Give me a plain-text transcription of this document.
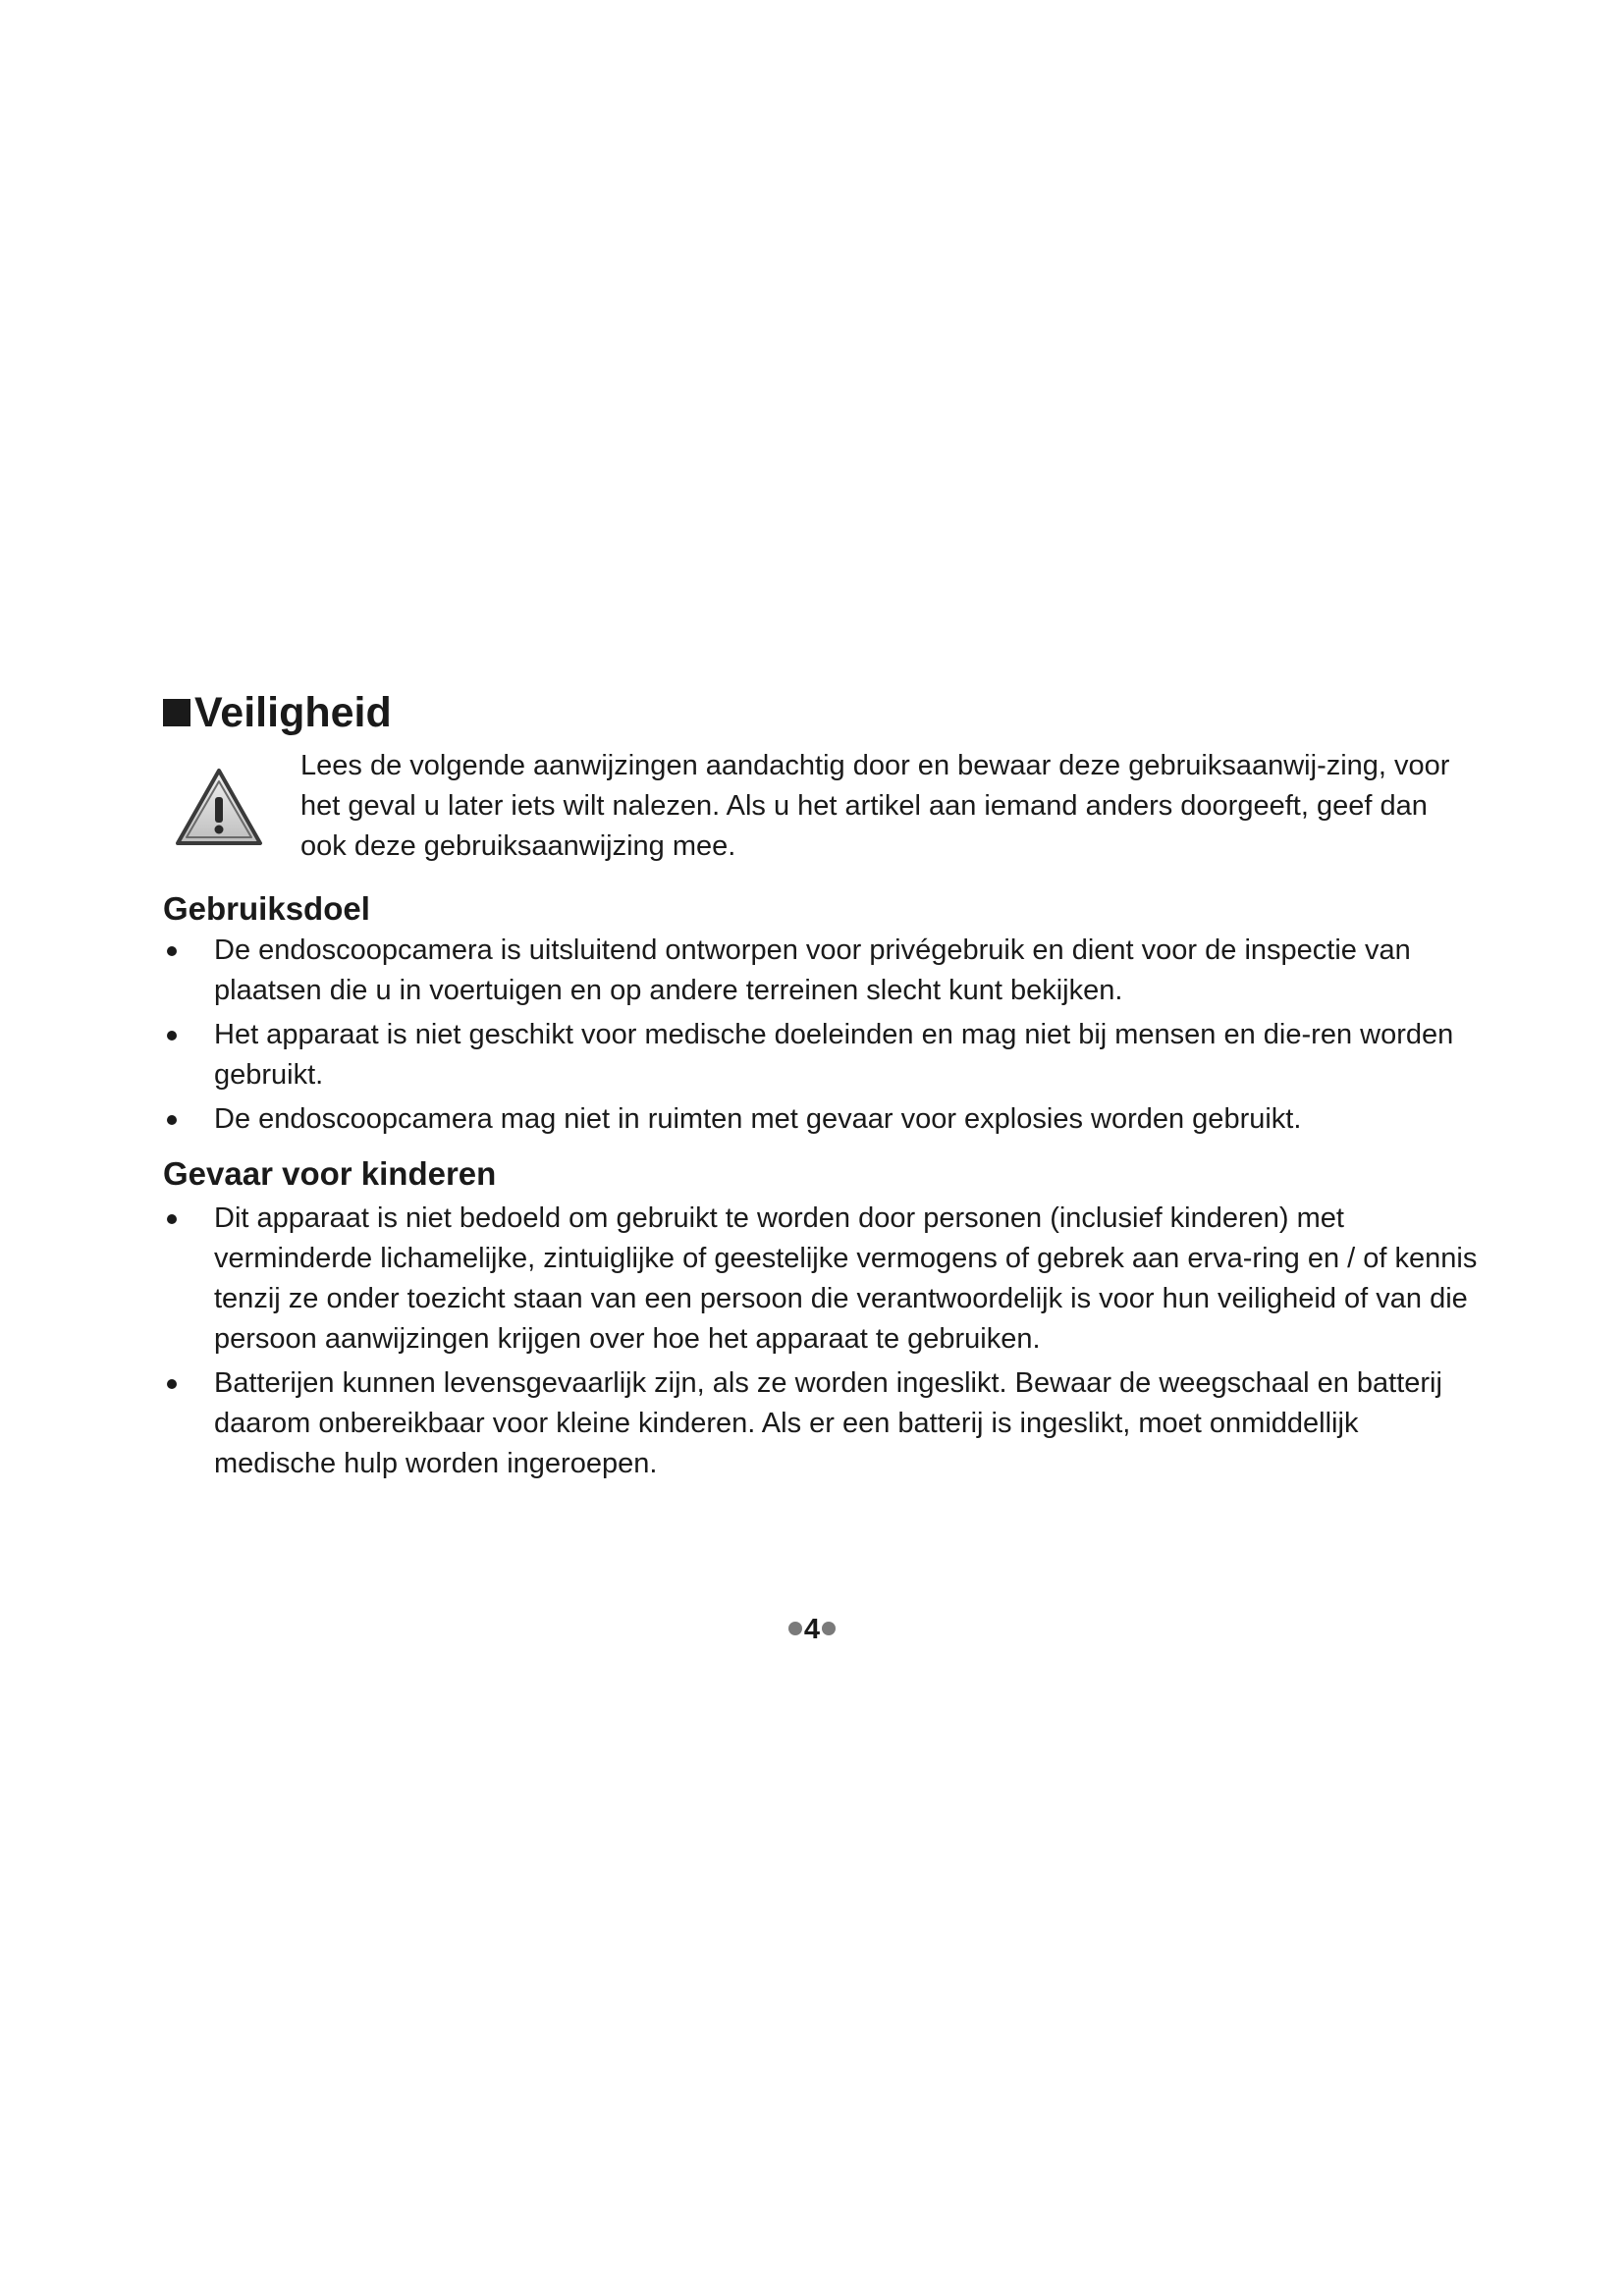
Veiligheid

Lees de volgende aanwijzingen aandachtig door en bewaar deze gebruiksaanwij-zing, voor het geval u later iets wilt nalezen. Als u het artikel aan iemand anders doorgeeft, geef dan ook deze gebruiksaanwijzing mee.

Gebruiksdoel
De endoscoopcamera is uitsluitend ontworpen voor privégebruik en dient voor de inspectie van plaatsen die u in voertuigen en op andere terreinen slecht kunt bekijken.
Het apparaat is niet geschikt voor medische doeleinden en mag niet bij mensen en die-ren worden gebruikt.
De endoscoopcamera mag niet in ruimten met gevaar voor explosies worden gebruikt.
Gevaar voor kinderen
Dit apparaat is niet bedoeld om gebruikt te worden door personen (inclusief kinderen) met verminderde lichamelijke, zintuiglijke of geestelijke vermogens of gebrek aan erva-ring en / of kennis tenzij ze onder toezicht staan van een persoon die verantwoordelijk is voor hun veiligheid of van die persoon aanwijzingen krijgen over hoe het apparaat te gebruiken.
Batterijen kunnen levensgevaarlijk zijn, als ze worden ingeslikt. Bewaar de weegschaal en batterij daarom onbereikbaar voor kleine kinderen. Als er een batterij is ingeslikt, moet onmiddellijk medische hulp worden ingeroepen.
4
